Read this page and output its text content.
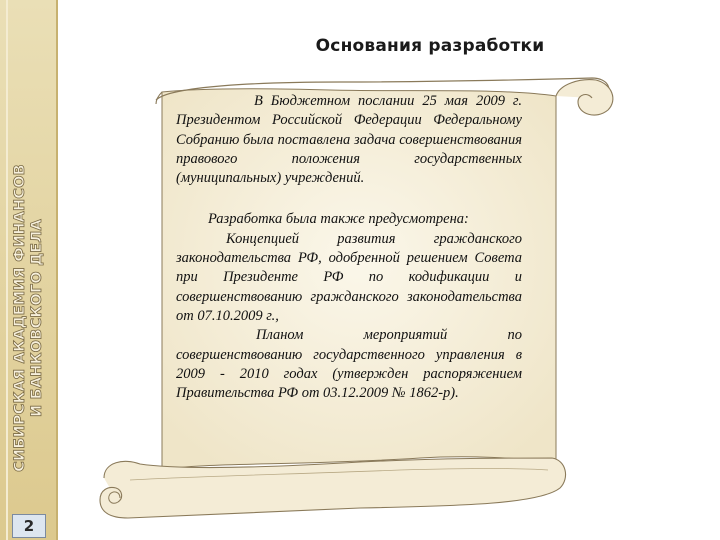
СИБИРСКАЯ АКАДЕМИЯ ФИНАНСОВ И БАНКОВСКОГО ДЕЛА
2
Основания разработки

В Бюджетном послании 25 мая 2009 г. Президентом Российской Федерации Федеральному Собранию была поставлена задача совершенствования правового положения государственных (муниципальных) учреждений.

Разработка была также предусмотрена:

Концепцией развития гражданского законодательства РФ, одобренной решением Совета при Президенте РФ по кодификации и совершенствованию гражданского законодательства от 07.10.2009 г.,

Планом мероприятий по совершенствованию государственного управления в 2009 - 2010 годах (утвержден распоряжением Правительства РФ от 03.12.2009 № 1862-р).
